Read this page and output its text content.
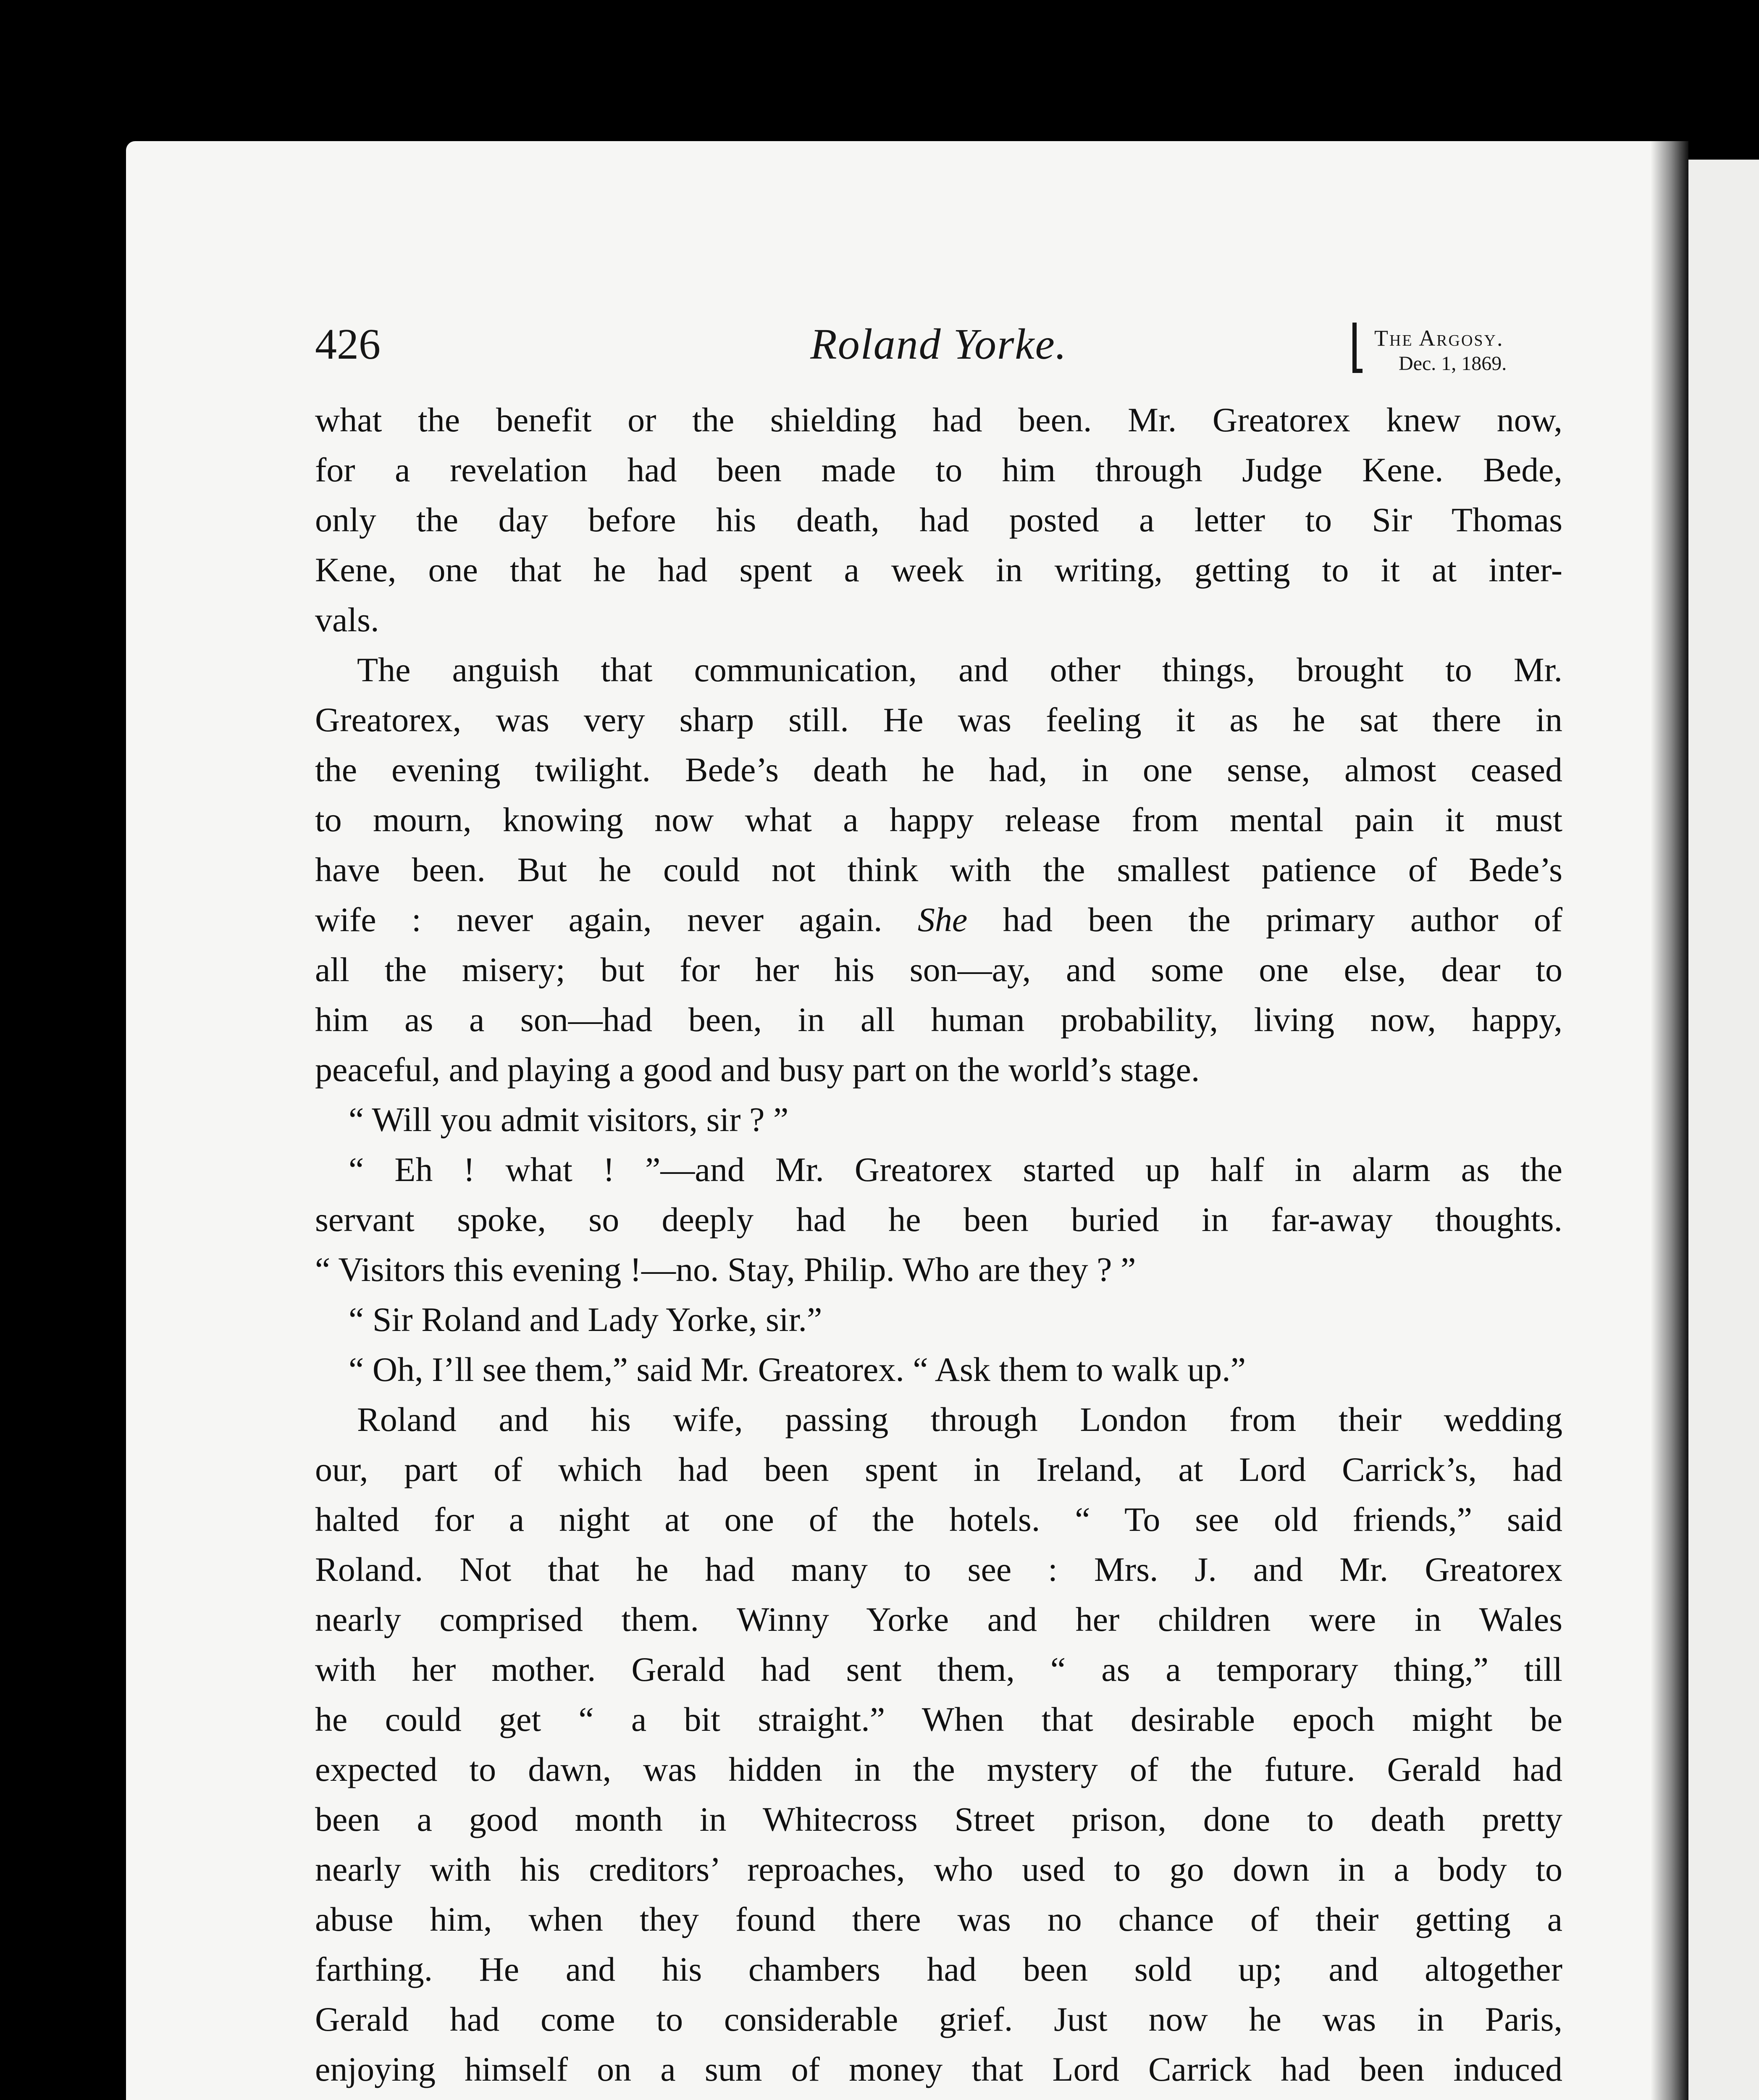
426	Roland Yorke.	The Argosy.
Dec. 1, 1869.
what the benefit or the shielding had been. Mr. Greatorex knew now,
for a revelation had been made to him through Judge Kene. Bede,
only the day before his death, had posted a letter to Sir Thomas
Kene, one that he had spent a week in writing, getting to it at inter-
vals.
The anguish that communication, and other things, brought to Mr.
Greatorex, was very sharp still. He was feeling it as he sat there in
the evening twilight. Bede’s death he had, in one sense, almost ceased
to mourn, knowing now what a happy release from mental pain it must
have been. But he could not think with the smallest patience of Bede’s
wife : never again, never again. She had been the primary author of
all the misery; but for her his son—ay, and some one else, dear to
him as a son—had been, in all human probability, living now, happy,
peaceful, and playing a good and busy part on the world’s stage.
“ Will you admit visitors, sir ? ”
“ Eh ! what ! ”—and Mr. Greatorex started up half in alarm as the
servant spoke, so deeply had he been buried in far-away thoughts.
“ Visitors this evening !—no. Stay, Philip. Who are they ? ”
“ Sir Roland and Lady Yorke, sir.”
“ Oh, I’ll see them,” said Mr. Greatorex. “ Ask them to walk up.”
Roland and his wife, passing through London from their wedding
our, part of which had been spent in Ireland, at Lord Carrick’s, had
halted for a night at one of the hotels. “ To see old friends,” said
Roland. Not that he had many to see : Mrs. J. and Mr. Greatorex
nearly comprised them. Winny Yorke and her children were in Wales
with her mother. Gerald had sent them, “ as a temporary thing,” till
he could get “ a bit straight.” When that desirable epoch might be
expected to dawn, was hidden in the mystery of the future. Gerald had
been a good month in Whitecross Street prison, done to death pretty
nearly with his creditors’ reproaches, who used to go down in a body to
abuse him, when they found there was no chance of their getting a
farthing. He and his chambers had been sold up; and altogether
Gerald had come to considerable grief. Just now he was in Paris,
enjoying himself on a sum of money that Lord Carrick had been induced
